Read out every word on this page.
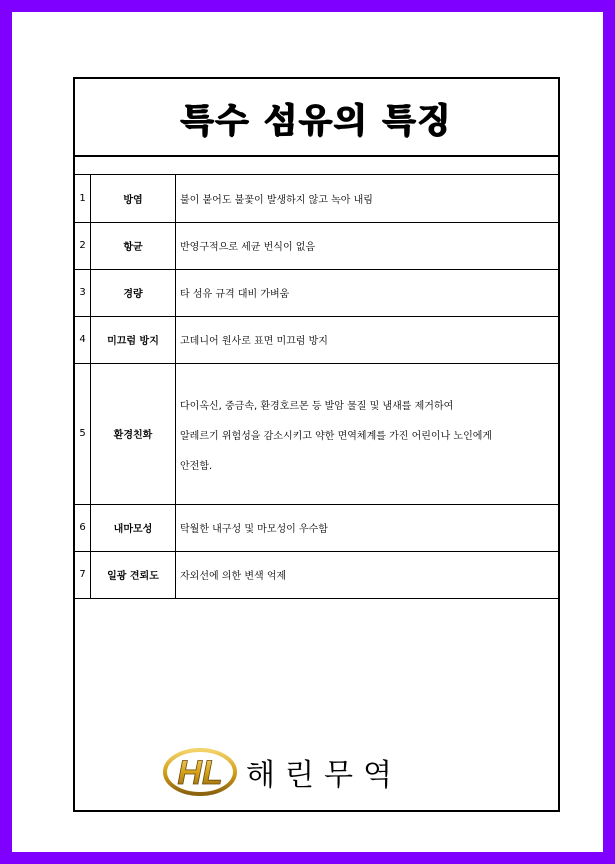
특수 섬유의 특징
1	방염	불이 붙어도 불꽃이 발생하지 않고 녹아 내림
2	항균	반영구적으로 세균 번식이 없음
3	경량	타 섬유 규격 대비 가벼움
4	미끄럼 방지	고데니어 원사로 표면 미끄럼 방지
5	환경친화	다이옥신, 중금속, 환경호르몬 등 발암 물질 및 냄새를 제거하여
알레르기 위험성을 감소시키고 약한 면역체계를 가진 어린이나 노인에게
안전함.

6	내마모성	탁월한 내구성 및 마모성이 우수함
7	일광 견뢰도	자외선에 의한 변색 억제
HL 해린무역
